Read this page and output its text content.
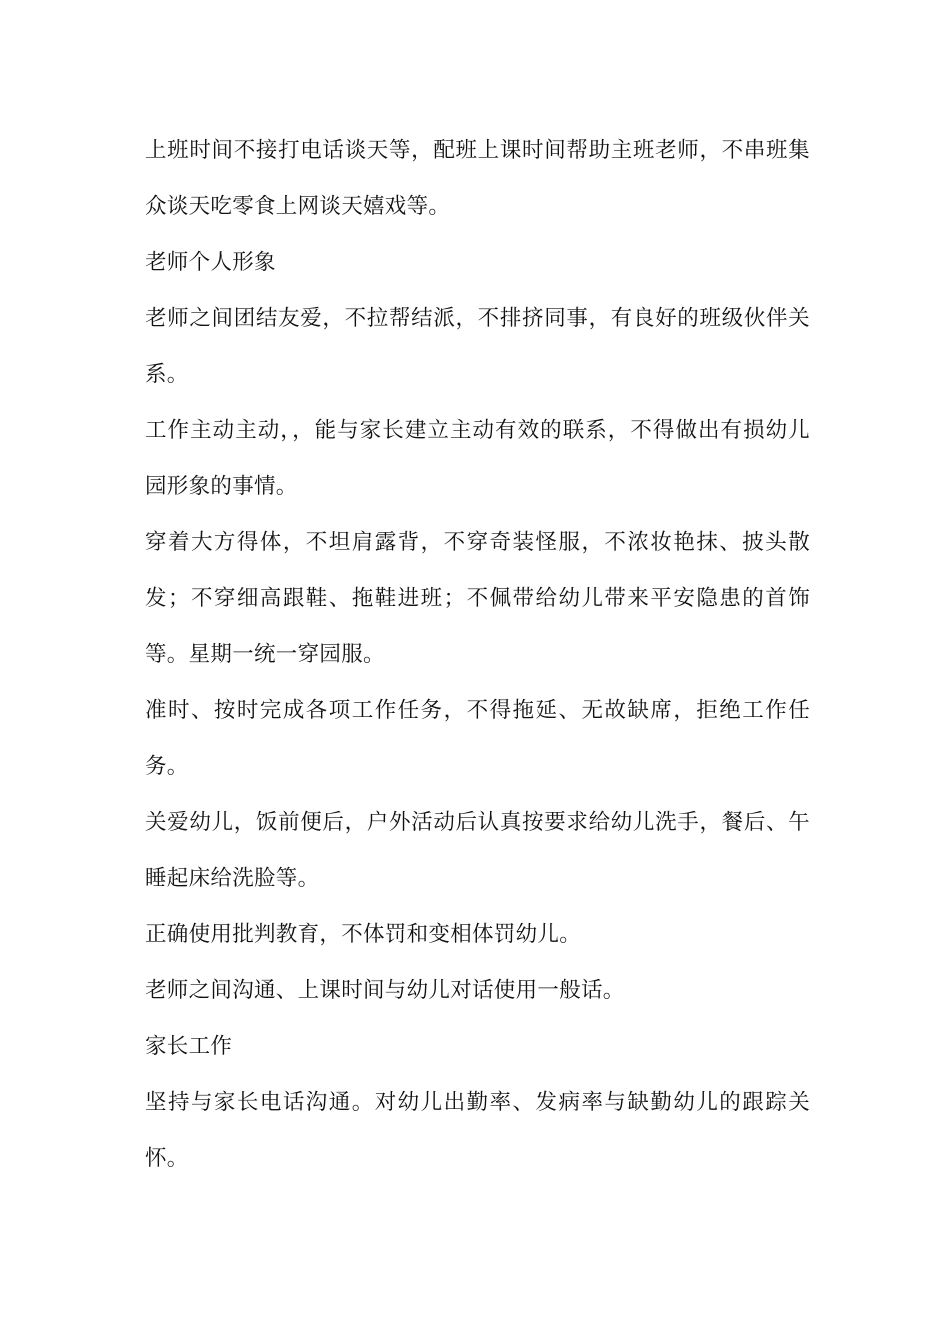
上班时间不接打电话谈天等，配班上课时间帮助主班老师，不串班集众谈天吃零食上网谈天嬉戏等。

老师个人形象

老师之间团结友爱，不拉帮结派，不排挤同事，有良好的班级伙伴关系。

工作主动主动，，能与家长建立主动有效的联系，不得做出有损幼儿园形象的事情。

穿着大方得体，不坦肩露背，不穿奇装怪服，不浓妆艳抹、披头散发；不穿细高跟鞋、拖鞋进班；不佩带给幼儿带来平安隐患的首饰等。星期一统一穿园服。

准时、按时完成各项工作任务，不得拖延、无故缺席，拒绝工作任务。

关爱幼儿，饭前便后，户外活动后认真按要求给幼儿洗手，餐后、午睡起床给洗脸等。

正确使用批判教育，不体罚和变相体罚幼儿。

老师之间沟通、上课时间与幼儿对话使用一般话。

家长工作

坚持与家长电话沟通。对幼儿出勤率、发病率与缺勤幼儿的跟踪关怀。
